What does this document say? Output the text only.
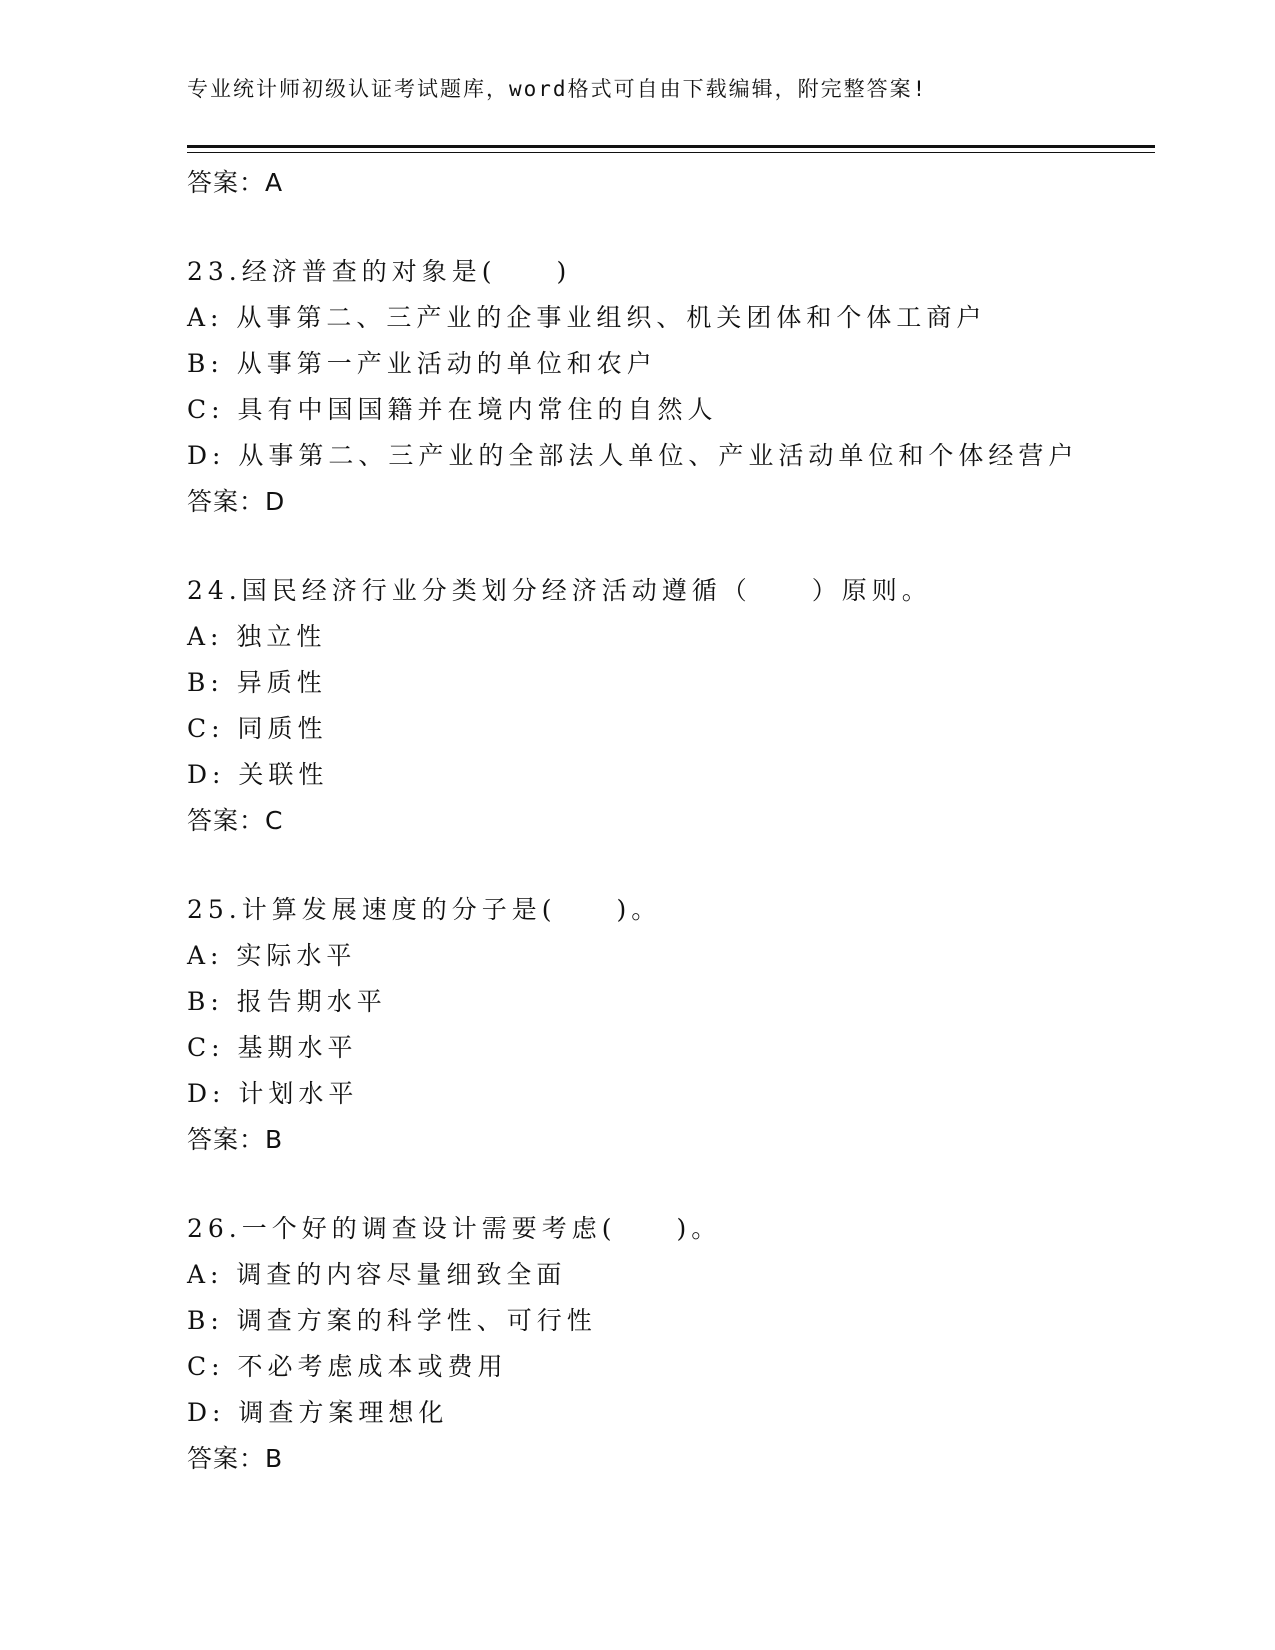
专业统计师初级认证考试题库，word格式可自由下载编辑，附完整答案!
答案：A
23.经济普查的对象是(　　)
A: 从事第二、三产业的企事业组织、机关团体和个体工商户
B: 从事第一产业活动的单位和农户
C: 具有中国国籍并在境内常住的自然人
D: 从事第二、三产业的全部法人单位、产业活动单位和个体经营户
答案：D
24.国民经济行业分类划分经济活动遵循（　　）原则。
A: 独立性
B: 异质性
C: 同质性
D: 关联性
答案：C
25.计算发展速度的分子是(　　)。
A: 实际水平
B: 报告期水平
C: 基期水平
D: 计划水平
答案：B
26.一个好的调查设计需要考虑(　　)。
A: 调查的内容尽量细致全面
B: 调查方案的科学性、可行性
C: 不必考虑成本或费用
D: 调查方案理想化
答案：B
